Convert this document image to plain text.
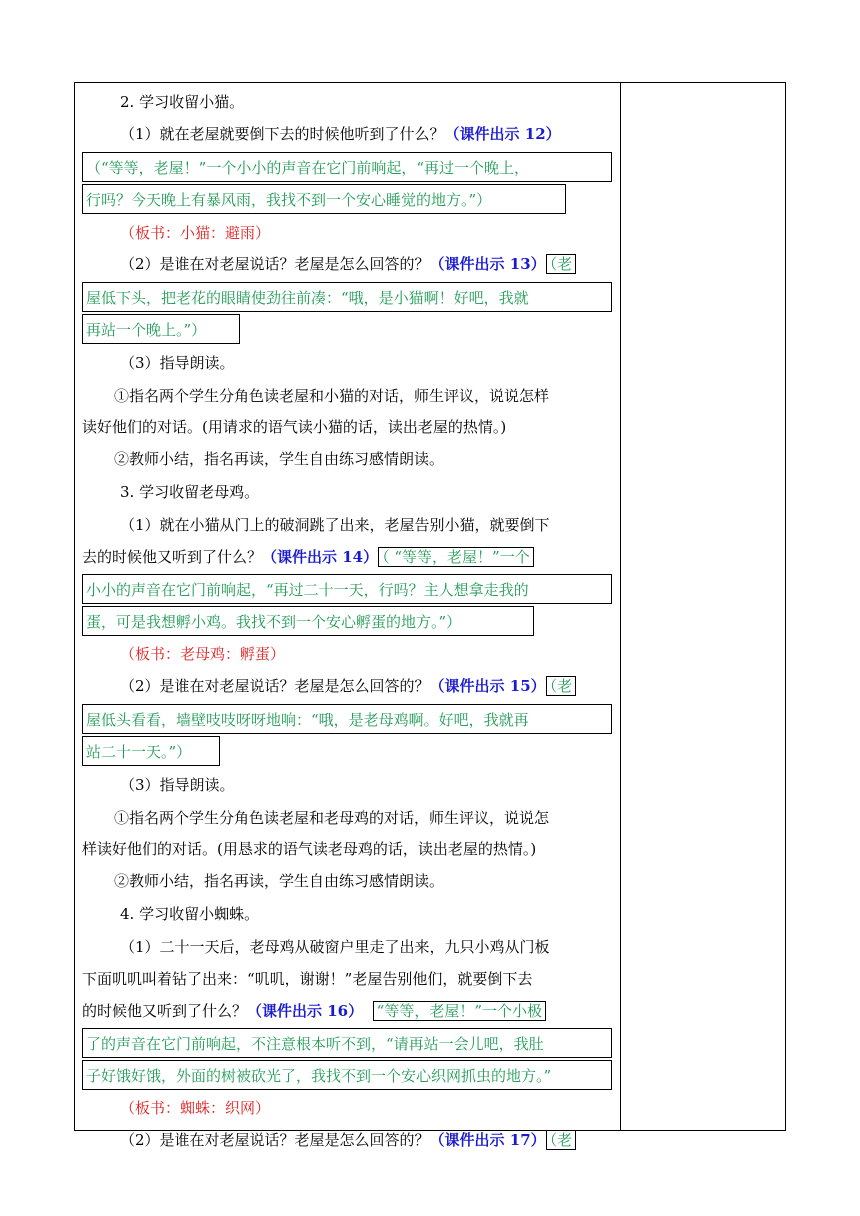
2. 学习收留小猫。
（1）就在老屋就要倒下去的时候他听到了什么？（课件出示 12）
（“等等，老屋！”一个小小的声音在它门前响起，“再过一个晚上，
行吗？今天晚上有暴风雨，我找不到一个安心睡觉的地方。”）
（板书：小猫：避雨）
（2）是谁在对老屋说话？老屋是怎么回答的？（课件出示 13） （老
屋低下头，把老花的眼睛使劲往前凑：“哦，是小猫啊！好吧，我就
再站一个晚上。”）
（3）指导朗读。
①指名两个学生分角色读老屋和小猫的对话，师生评议，说说怎样
读好他们的对话。(用请求的语气读小猫的话，读出老屋的热情。)
②教师小结，指名再读，学生自由练习感情朗读。
3. 学习收留老母鸡。
（1）就在小猫从门上的破洞跳了出来，老屋告别小猫，就要倒下
去的时候他又听到了什么？（课件出示 14） （ “等等，老屋！”一个
小小的声音在它门前响起，“再过二十一天，行吗？主人想拿走我的
蛋，可是我想孵小鸡。我找不到一个安心孵蛋的地方。”）
（板书：老母鸡：孵蛋）
（2）是谁在对老屋说话？老屋是怎么回答的？（课件出示 15） （老
屋低头看看，墙壁吱吱呀呀地响：“哦，是老母鸡啊。好吧，我就再
站二十一天。”）
（3）指导朗读。
①指名两个学生分角色读老屋和老母鸡的对话，师生评议，说说怎
样读好他们的对话。(用恳求的语气读老母鸡的话，读出老屋的热情。)
②教师小结，指名再读，学生自由练习感情朗读。
4. 学习收留小蜘蛛。
（1）二十一天后，老母鸡从破窗户里走了出来，九只小鸡从门板
下面叽叽叫着钻了出来：“叽叽，谢谢！”老屋告别他们，就要倒下去
的时候他又听到了什么？（课件出示 16） “等等，老屋！”一个小极
了的声音在它门前响起，不注意根本听不到，“请再站一会儿吧，我肚
子好饿好饿，外面的树被砍光了，我找不到一个安心织网抓虫的地方。”
（板书：蜘蛛：织网）
（2）是谁在对老屋说话？老屋是怎么回答的？（课件出示 17） （老
